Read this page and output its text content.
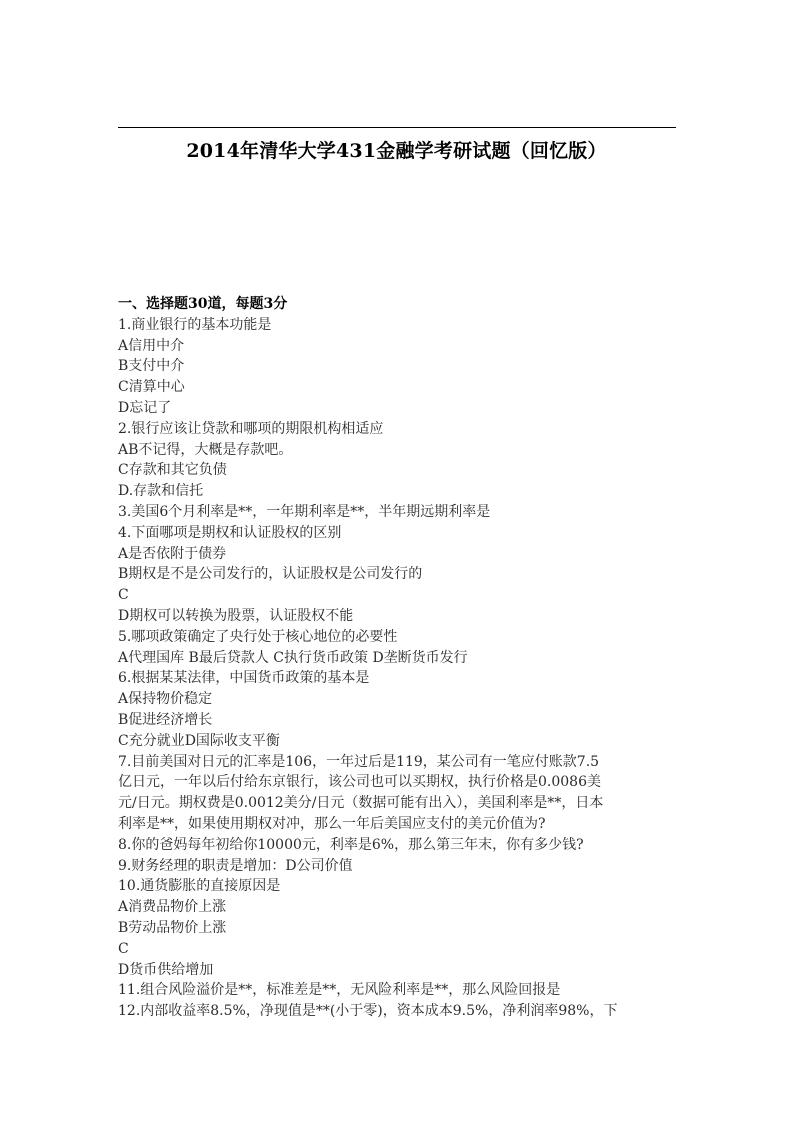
2014年清华大学431金融学考研试题（回忆版）
一、选择题30道，每题3分
1.商业银行的基本功能是
A信用中介
B支付中介
C清算中心
D忘记了
2.银行应该让贷款和哪项的期限机构相适应
AB不记得，大概是存款吧。
C存款和其它负债
D.存款和信托
3.美国6个月利率是**，一年期利率是**，半年期远期利率是
4.下面哪项是期权和认证股权的区别
A是否依附于债券
B期权是不是公司发行的，认证股权是公司发行的
C
D期权可以转换为股票，认证股权不能
5.哪项政策确定了央行处于核心地位的必要性
A代理国库 B最后贷款人 C执行货币政策 D垄断货币发行
6.根据某某法律，中国货币政策的基本是
A保持物价稳定
B促进经济增长
C充分就业D国际收支平衡
7.目前美国对日元的汇率是106，一年过后是119，某公司有一笔应付账款7.5
亿日元，一年以后付给东京银行，该公司也可以买期权，执行价格是0.0086美
元/日元。期权费是0.0012美分/日元（数据可能有出入），美国利率是**，日本
利率是**，如果使用期权对冲，那么一年后美国应支付的美元价值为?
8.你的爸妈每年初给你10000元，利率是6%，那么第三年末，你有多少钱?
9.财务经理的职责是增加：D公司价值
10.通货膨胀的直接原因是
A消费品物价上涨
B劳动品物价上涨
C
D货币供给增加
11.组合风险溢价是**，标准差是**，无风险利率是**，那么风险回报是
12.内部收益率8.5%，净现值是**(小于零)，资本成本9.5%，净利润率98%，下
